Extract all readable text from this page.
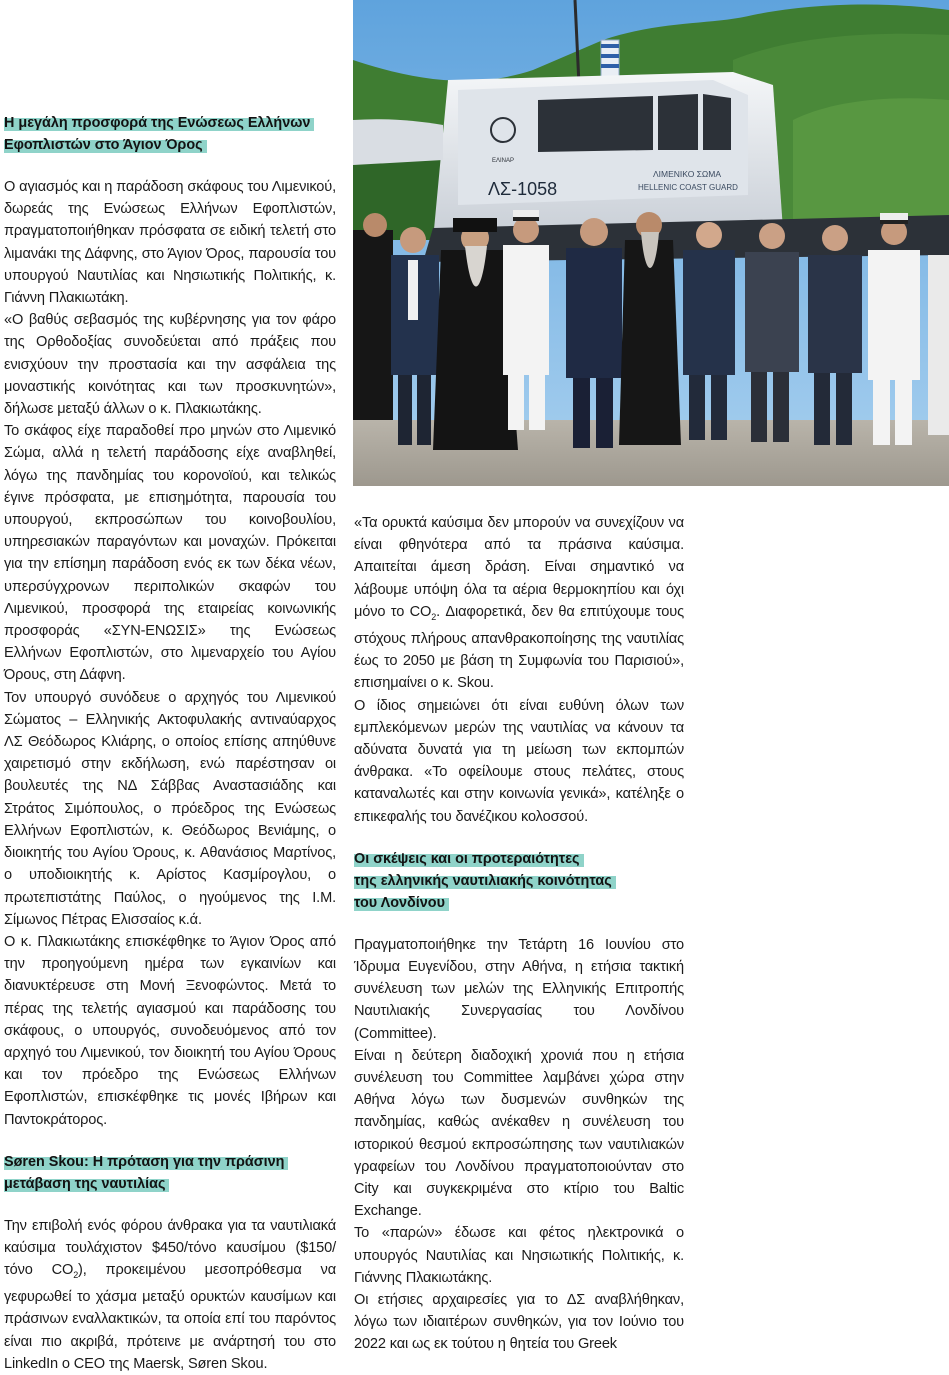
ΕΛΙΝΑΡ
ΛΣ-1058
ΛΙΜΕΝΙΚΟ ΣΩΜΑ
HELLENIC COAST GUARD
Η μεγάλη προσφορά της Ενώσεως Ελλήνων
Εφοπλιστών στο Άγιον Όρος

Ο αγιασμός και η παράδοση σκάφους του Λιμενικού, δωρεάς της Ενώσεως Ελλήνων Εφοπλιστών, πραγματοποιήθηκαν πρόσφατα σε ειδική τελετή στο λιμανάκι της Δάφνης, στο Άγιον Όρος, παρουσία του υπουργού Ναυτιλίας και Νησιωτικής Πολιτικής, κ. Γιάννη Πλακιωτάκη.

«Ο βαθύς σεβασμός της κυβέρνησης για τον φάρο της Ορθοδοξίας συνοδεύεται από πράξεις που ενισχύουν την προστασία και την ασφάλεια της μοναστικής κοινότητας και των προσκυνητών», δήλωσε μεταξύ άλλων ο κ. Πλακιωτάκης.

Το σκάφος είχε παραδοθεί προ μηνών στο Λιμενικό Σώμα, αλλά η τελετή παράδοσης είχε αναβληθεί, λόγω της πανδημίας του κορονοϊού, και τελικώς έγινε πρόσφατα, με επισημότητα, παρουσία του υπουργού, εκπροσώπων του κοινοβουλίου, υπηρεσιακών παραγόντων και μοναχών. Πρόκειται για την επίσημη παράδοση ενός εκ των δέκα νέων, υπερσύγχρονων περιπολικών σκαφών του Λιμενικού, προσφορά της εταιρείας κοινωνικής προσφοράς «ΣΥΝ-ΕΝΩΣΙΣ» της Ενώσεως Ελλήνων Εφοπλιστών, στο λιμεναρχείο του Αγίου Όρους, στη Δάφνη.

Τον υπουργό συνόδευε ο αρχηγός του Λιμενικού Σώματος – Ελληνικής Ακτοφυλακής αντιναύαρχος ΛΣ Θεόδωρος Κλιάρης, ο οποίος επίσης απηύθυνε χαιρετισμό στην εκδήλωση, ενώ παρέστησαν οι βουλευτές της ΝΔ Σάββας Αναστασιάδης και Στράτος Σιμόπουλος, ο πρόεδρος της Ενώσεως Ελλήνων Εφοπλιστών, κ. Θεόδωρος Βενιάμης, ο διοικητής του Αγίου Όρους, κ. Αθανάσιος Μαρτίνος, ο υποδιοικητής κ. Αρίστος Κασμίρογλου, ο πρωτεπιστάτης Παύλος, ο ηγούμενος της Ι.Μ. Σίμωνος Πέτρας Ελισσαίος κ.ά.

Ο κ. Πλακιωτάκης επισκέφθηκε το Άγιον Όρος από την προηγούμενη ημέρα των εγκαινίων και διανυκτέρευσε στη Μονή Ξενοφώντος. Μετά το πέρας της τελετής αγιασμού και παράδοσης του σκάφους, ο υπουργός, συνοδευόμενος από τον αρχηγό του Λιμενικού, τον διοικητή του Αγίου Όρους και τον πρόεδρο της Ενώσεως Ελλήνων Εφοπλιστών, επισκέφθηκε τις μονές Ιβήρων και Παντοκράτορος.

Søren Skou: Η πρόταση για την πράσινη
μετάβαση της ναυτιλίας

Την επιβολή ενός φόρου άνθρακα για τα ναυτιλιακά καύσιμα τουλάχιστον $450/τόνο καυσίμου ($150/τόνο $CO_2$), προκειμένου μεσοπρόθεσμα να γεφυρωθεί το χάσμα μεταξύ ορυκτών καυσίμων και πράσινων εναλλακτικών, τα οποία επί του παρόντος είναι πιο ακριβά, πρότεινε με ανάρτησή του στο LinkedIn ο CEO της Maersk, Søren Skou.

«Τα ορυκτά καύσιμα δεν μπορούν να συνεχίζουν να είναι φθηνότερα από τα πράσινα καύσιμα. Απαιτείται άμεση δράση. Είναι σημαντικό να λάβουμε υπόψη όλα τα αέρια θερμοκηπίου και όχι μόνο το $CO_2$. Διαφορετικά, δεν θα επιτύχουμε τους στόχους πλήρους απανθρακοποίησης της ναυτιλίας έως το 2050 με βάση τη Συμφωνία του Παρισιού», επισημαίνει ο κ. Skou.

Ο ίδιος σημειώνει ότι είναι ευθύνη όλων των εμπλεκόμενων μερών της ναυτιλίας να κάνουν τα αδύνατα δυνατά για τη μείωση των εκπομπών άνθρακα. «Το οφείλουμε στους πελάτες, στους καταναλωτές και στην κοινωνία γενικά», κατέληξε ο επικεφαλής του δανέζικου κολοσσού.

Οι σκέψεις και οι προτεραιότητες
της ελληνικής ναυτιλιακής κοινότητας
του Λονδίνου

Πραγματοποιήθηκε την Τετάρτη 16 Ιουνίου στο Ίδρυμα Ευγενίδου, στην Αθήνα, η ετήσια τακτική συνέλευση των μελών της Ελληνικής Επιτροπής Ναυτιλιακής Συνεργασίας του Λονδίνου (Committee).

Είναι η δεύτερη διαδοχική χρονιά που η ετήσια συνέλευση του Committee λαμβάνει χώρα στην Αθήνα λόγω των δυσμενών συνθηκών της πανδημίας, καθώς ανέκαθεν η συνέλευση του ιστορικού θεσμού εκπροσώπησης των ναυτιλιακών γραφείων του Λονδίνου πραγματοποιούνταν στο City και συγκεκριμένα στο κτίριο του Baltic Exchange.

Το «παρών» έδωσε και φέτος ηλεκτρονικά ο υπουργός Ναυτιλίας και Νησιωτικής Πολιτικής, κ. Γιάννης Πλακιωτάκης.

Οι ετήσιες αρχαιρεσίες για το ΔΣ αναβλήθηκαν, λόγω των ιδιαιτέρων συνθηκών, για τον Ιούνιο του 2022 και ως εκ τούτου η θητεία του Greek
